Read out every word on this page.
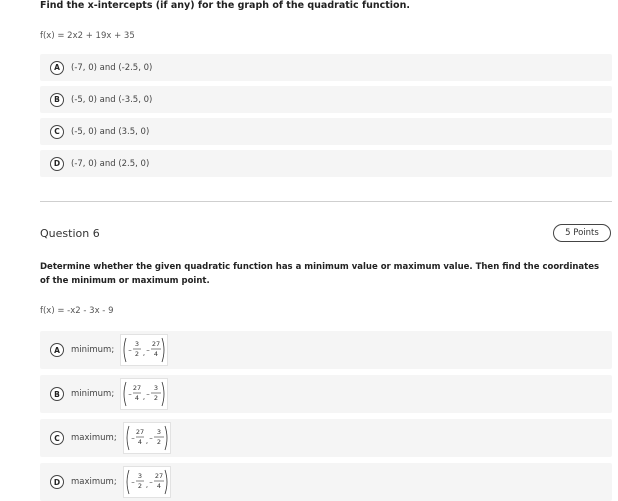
Find the x-intercepts (if any) for the graph of the quadratic function.
f(x) = 2x2 + 19x + 35
A	(-7, 0) and (-2.5, 0)
B	(-5, 0) and (-3.5, 0)
C	(-5, 0) and (3.5, 0)
D	(-7, 0) and (2.5, 0)
Question 6	5 Points
Determine whether the given quadratic function has a minimum value or maximum value. Then find the coordinates of the minimum or maximum point.
f(x) = -x2 - 3x - 9
A	minimum; –
3
2 , –
27
4
B	minimum; –
27
4 , –
3
2
C	maximum; –
27
4 , –
3
2
D	maximum; –
3
2 , –
27
4
